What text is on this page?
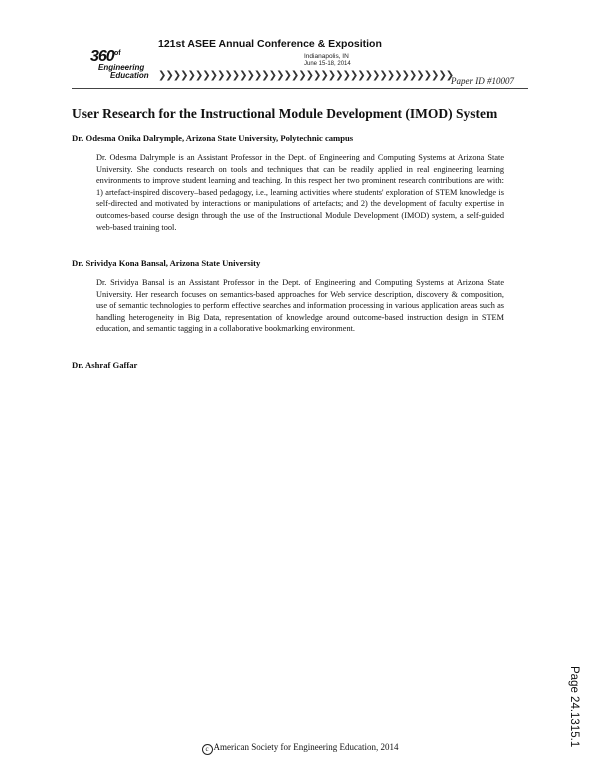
360 of
Engineering
Education
121st ASEE Annual Conference & Exposition
Indianapolis, IN
June 15-18, 2014
❯❯❯❯❯❯❯❯❯❯❯❯❯❯❯❯❯❯❯❯❯❯❯❯❯❯❯❯❯❯❯❯❯❯❯❯❯❯❯❯
Paper ID #10007
User Research for the Instructional Module Development (IMOD) System
Dr. Odesma Onika Dalrymple, Arizona State University, Polytechnic campus
Dr. Odesma Dalrymple is an Assistant Professor in the Dept. of Engineering and Computing Systems at Arizona State University. She conducts research on tools and techniques that can be readily applied in real engineering learning environments to improve student learning and teaching. In this respect her two prominent research contributions are with: 1) artefact-inspired discovery–based pedagogy, i.e., learning activities where students' exploration of STEM knowledge is self-directed and motivated by interactions or manipulations of artefacts; and 2) the development of faculty expertise in outcomes-based course design through the use of the Instructional Module Development (IMOD) system, a self-guided web-based training tool.
Dr. Srividya Kona Bansal, Arizona State University
Dr. Srividya Bansal is an Assistant Professor in the Dept. of Engineering and Computing Systems at Arizona State University. Her research focuses on semantics-based approaches for Web service description, discovery & composition, use of semantic technologies to perform effective searches and information processing in various application areas such as handling heterogeneity in Big Data, representation of knowledge around outcome-based instruction design in STEM education, and semantic tagging in a collaborative bookmarking environment.
Dr. Ashraf Gaffar
Page 24.1315.1
c American Society for Engineering Education, 2014
